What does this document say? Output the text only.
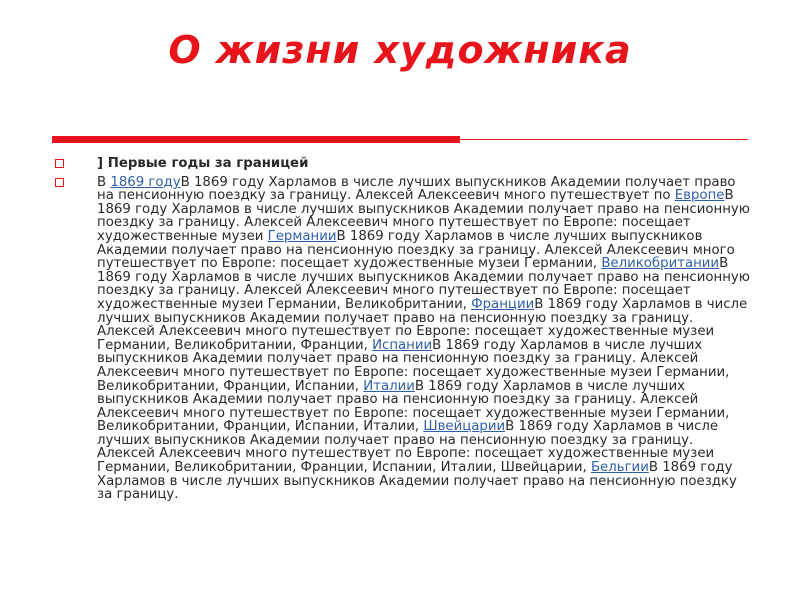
О жизни художника
] Первые годы за границей
В 1869 годуВ 1869 году Харламов в числе лучших выпускников Академии получает право на пенсионную поездку за границу. Алексей Алексеевич много путешествует по ЕвропеВ 1869 году Харламов в числе лучших выпускников Академии получает право на пенсионную поездку за границу. Алексей Алексеевич много путешествует по Европе: посещает художественные музеи ГерманииВ 1869 году Харламов в числе лучших выпускников Академии получает право на пенсионную поездку за границу. Алексей Алексеевич много путешествует по Европе: посещает художественные музеи Германии, ВеликобританииВ 1869 году Харламов в числе лучших выпускников Академии получает право на пенсионную поездку за границу. Алексей Алексеевич много путешествует по Европе: посещает художественные музеи Германии, Великобритании, ФранцииВ 1869 году Харламов в числе лучших выпускников Академии получает право на пенсионную поездку за границу. Алексей Алексеевич много путешествует по Европе: посещает художественные музеи Германии, Великобритании, Франции, ИспанииВ 1869 году Харламов в числе лучших выпускников Академии получает право на пенсионную поездку за границу. Алексей Алексеевич много путешествует по Европе: посещает художественные музеи Германии, Великобритании, Франции, Испании, ИталииВ 1869 году Харламов в числе лучших выпускников Академии получает право на пенсионную поездку за границу. Алексей Алексеевич много путешествует по Европе: посещает художественные музеи Германии, Великобритании, Франции, Испании, Италии, ШвейцарииВ 1869 году Харламов в числе лучших выпускников Академии получает право на пенсионную поездку за границу. Алексей Алексеевич много путешествует по Европе: посещает художественные музеи Германии, Великобритании, Франции, Испании, Италии, Швейцарии, БельгииВ 1869 году Харламов в числе лучших выпускников Академии получает право на пенсионную поездку за границу.
